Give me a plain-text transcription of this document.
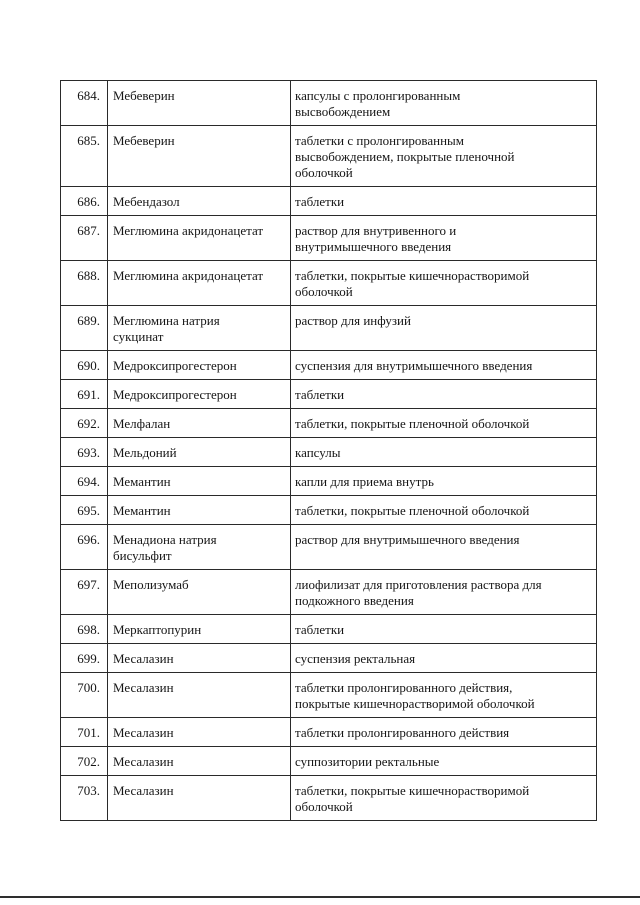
684.	Мебеверин	капсулы с пролонгированным
высвобождением
685.	Мебеверин	таблетки с пролонгированным
высвобождением, покрытые пленочной
оболочкой
686.	Мебендазол	таблетки
687.	Меглюмина акридонацетат	раствор для внутривенного и
внутримышечного введения
688.	Меглюмина акридонацетат	таблетки, покрытые кишечнорастворимой
оболочкой
689.	Меглюмина натрия
сукцинат	раствор для инфузий
690.	Медроксипрогестерон	суспензия для внутримышечного введения
691.	Медроксипрогестерон	таблетки
692.	Мелфалан	таблетки, покрытые пленочной оболочкой
693.	Мельдоний	капсулы
694.	Мемантин	капли для приема внутрь
695.	Мемантин	таблетки, покрытые пленочной оболочкой
696.	Менадиона натрия
бисульфит	раствор для внутримышечного введения
697.	Меполизумаб	лиофилизат для приготовления раствора для
подкожного введения
698.	Меркаптопурин	таблетки
699.	Месалазин	суспензия ректальная
700.	Месалазин	таблетки пролонгированного действия,
покрытые кишечнорастворимой оболочкой
701.	Месалазин	таблетки пролонгированного действия
702.	Месалазин	суппозитории ректальные
703.	Месалазин	таблетки, покрытые кишечнорастворимой
оболочкой
